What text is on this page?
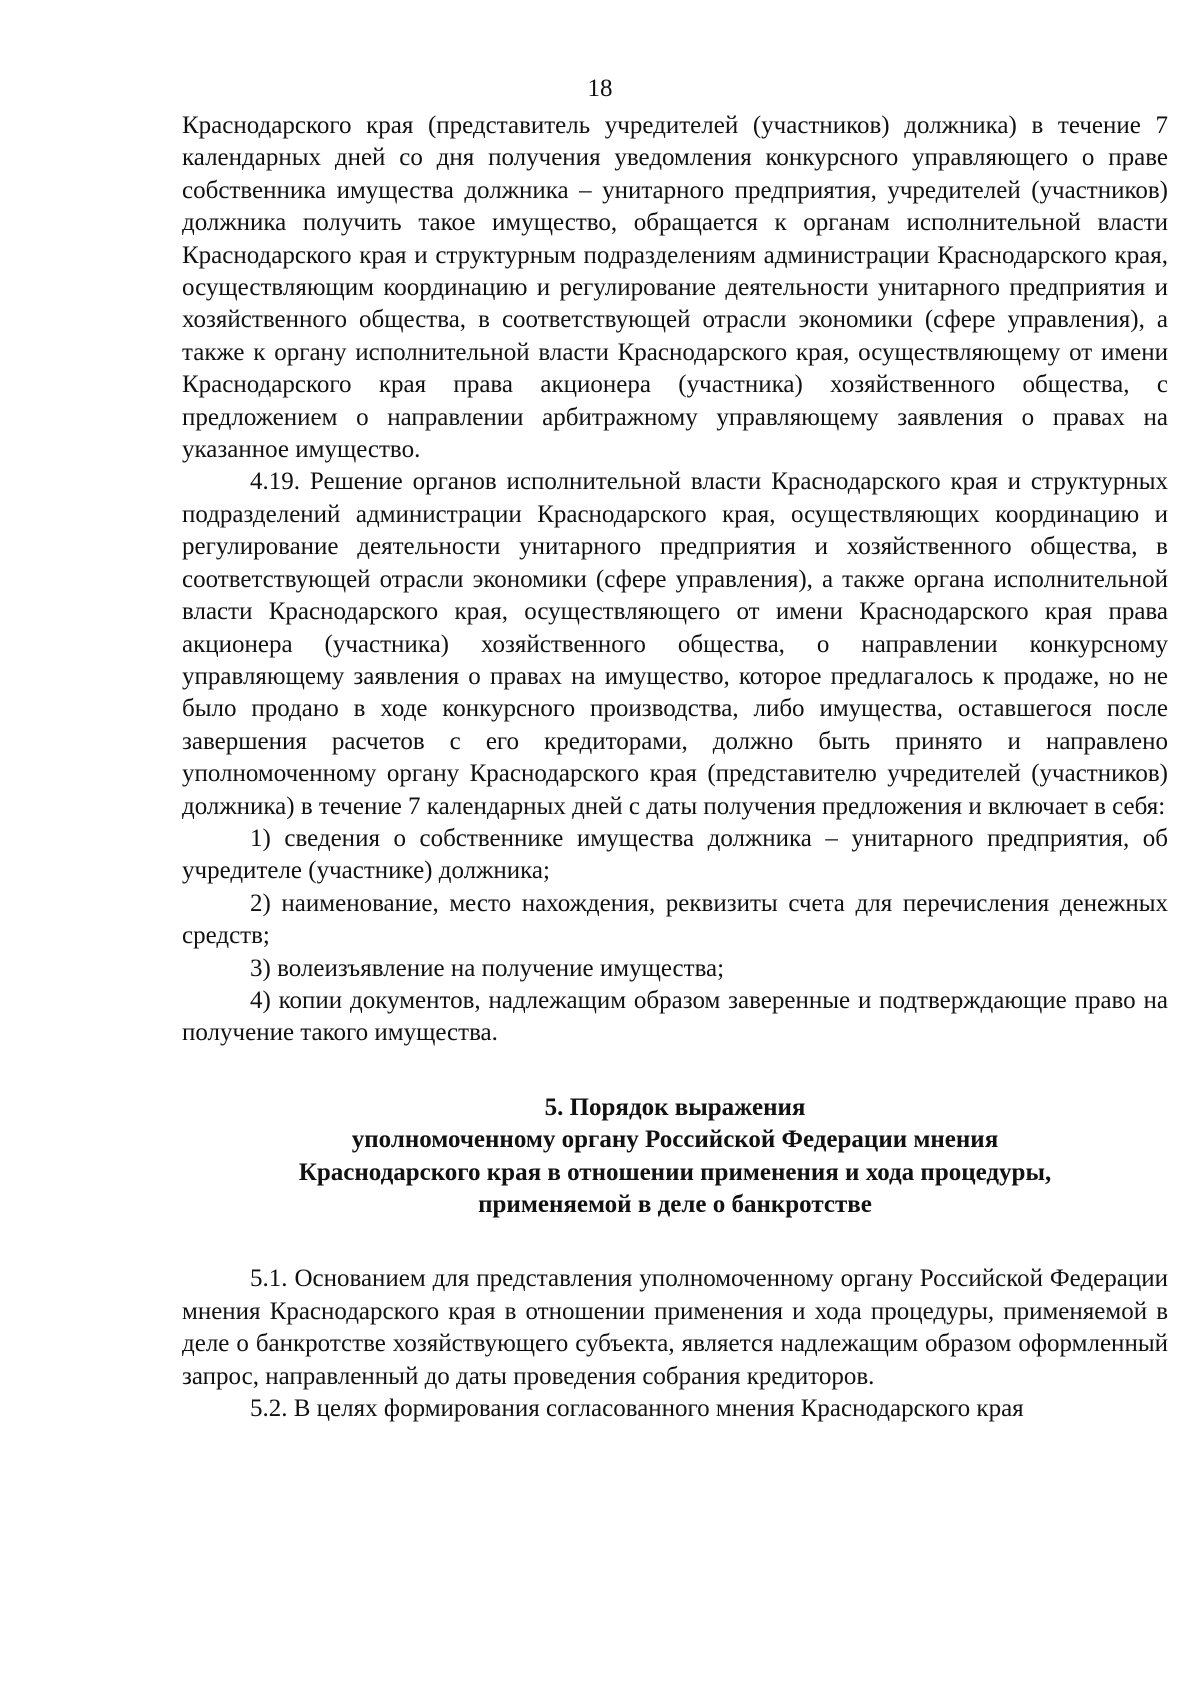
18

Краснодарского края (представитель учредителей (участников) должника) в течение 7 календарных дней со дня получения уведомления конкурсного управляющего о праве собственника имущества должника – унитарного предприятия, учредителей (участников) должника получить такое имущество, обращается к органам исполнительной власти Краснодарского края и структурным подразделениям администрации Краснодарского края, осуществляющим координацию и регулирование деятельности унитарного предприятия и хозяйственного общества, в соответствующей отрасли экономики (сфере управления), а также к органу исполнительной власти Краснодарского края, осуществляющему от имени Краснодарского края права акционера (участника) хозяйственного общества, с предложением о направлении арбитражному управляющему заявления о правах на указанное имущество.

4.19. Решение органов исполнительной власти Краснодарского края и структурных подразделений администрации Краснодарского края, осуществляющих координацию и регулирование деятельности унитарного предприятия и хозяйственного общества, в соответствующей отрасли экономики (сфере управления), а также органа исполнительной власти Краснодарского края, осуществляющего от имени Краснодарского края права акционера (участника) хозяйственного общества, о направлении конкурсному управляющему заявления о правах на имущество, которое предлагалось к продаже, но не было продано в ходе конкурсного производства, либо имущества, оставшегося после завершения расчетов с его кредиторами, должно быть принято и направлено уполномоченному органу Краснодарского края (представителю учредителей (участников) должника) в течение 7 календарных дней с даты получения предложения и включает в себя:

1) сведения о собственнике имущества должника – унитарного предприятия, об учредителе (участнике) должника;

2) наименование, место нахождения, реквизиты счета для перечисления денежных средств;

3) волеизъявление на получение имущества;

4) копии документов, надлежащим образом заверенные и подтверждающие право на получение такого имущества.

5. Порядок выражения
уполномоченному органу Российской Федерации мнения
Краснодарского края в отношении применения и хода процедуры,
применяемой в деле о банкротстве

5.1. Основанием для представления уполномоченному органу Российской Федерации мнения Краснодарского края в отношении применения и хода процедуры, применяемой в деле о банкротстве хозяйствующего субъекта, является надлежащим образом оформленный запрос, направленный до даты проведения собрания кредиторов.

5.2. В целях формирования согласованного мнения Краснодарского края
